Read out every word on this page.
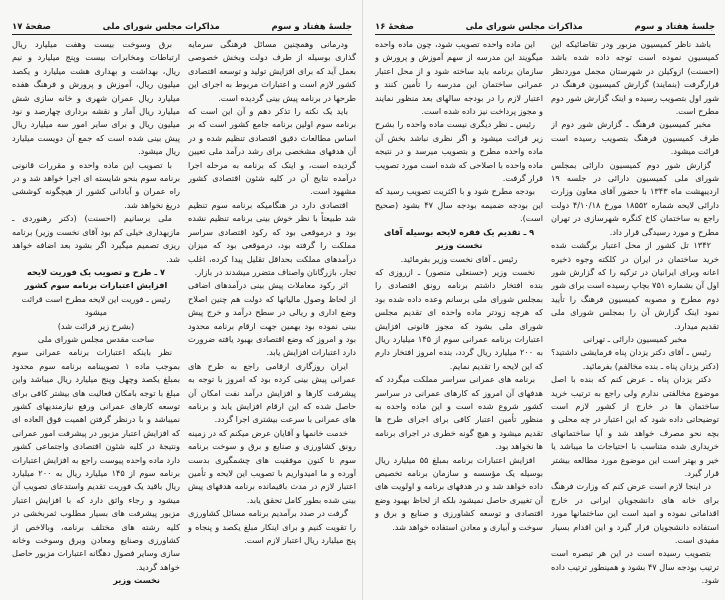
جلسهٔ هفتاد و سوم
مذاکرات مجلس شورای ملی
صفحهٔ ۱۷

ودرمانی وهمچنین مسائل فرهنگی سرمایه گذاری بوسیله از طرف دولت وبخش خصوصی بعمل آید که برای افزایش تولید و توسعه اقتصادی کشور لازم است و اعتبارات مربوط به اجرای این طرحها در برنامه پیش بینی گردیده است.

باید یک نکته را تذکر دهم و آن این است که برنامه سوم اولین برنامه جامع کشور است که بر اساس مطالعات دقیق اقتصادی تنظیم شده و در آن هدفهای مشخصی برای رشد درآمد ملی تعیین گردیده است، و اینک که برنامه به مرحله اجرا درآمده نتایج آن در کلیه شئون اقتصادی کشور مشهود است.

اقتصادی دارد در هنگامیکه برنامه سوم تنظیم شد طبیعتاً با نظر خوش بینی برنامه تنظیم نشده بود و درموقعی بود که رکود اقتصادی سراسر مملکت را گرفته بود، درموقعی بود که میزان درآمدهای مملکت بحداقل تقلیل پیدا کرده، اغلب تجار، بازرگانان واصناف متضرر میشدند در بازار.

اثر رکود معاملات پیش بینی درآمدهای اضافی از لحاظ وصول مالیاتها که دولت هم چنین اصلاح وضع اداری و ریالی در سطح درآمد و خرج پیش بینی نموده بود بهمین جهت ارقام برنامه محدود بود و امروز که وضع اقتصادی بهبود یافته ضرورت دارد اعتبارات افزایش یابد.

ایران روزگاری ارقامی راجع به طرح های عمرانی پیش بینی کرده بود که امروز با توجه به پیشرفت کارها و افزایش درآمد نفت امکان آن حاصل شده که این ارقام افزایش یابد و برنامه های عمرانی با سرعت بیشتری اجرا گردد.

خدمت خانمها و آقایان عرض میکنم که در زمینه رونق کشاورزی و صنایع و برق و سوخت برنامه سوم تا کنون موفقیت های چشمگیری بدست آورده و ما امیدواریم با تصویب این لایحه و تأمین اعتبار لازم در مدت باقیمانده برنامه هدفهای پیش بینی شده بطور کامل تحقق یابد.

گرفت در صدد برآمدیم برنامه مسائل کشاورزی را تقویت کنیم و برای اینکار مبلغ یکصد و پنجاه و پنج میلیارد ریال اعتبار لازم است.

برق وسوخت بیست وهفت میلیارد ریال ارتباطات ومخابرات بیست وپنج میلیارد و نیم ریال، بهداشت و بهداری هشت میلیارد و یکصد میلیون ریال، آموزش و پرورش و فرهنگ هفده میلیارد ریال عمران شهری و خانه سازی شش میلیارد ریال آمار و نقشه برداری چهارصد و نود میلیون ریال و برای سایر امور سه میلیارد ریال پیش بینی شده است که جمع آن دویست میلیارد ریال میشود.

با تصویب این ماده واحده و مقررات قانونی برنامه سوم بنحو شایسته ای اجرا خواهد شد و در راه عمران و آبادانی کشور از هیچگونه کوششی دریغ نخواهد شد.

ملی برسانیم (احسنت) (دکتر رهنوردی ـ مازبهداری خیلی کم بود آقای نخست وزیر) برنامه ریزی تصمیم میگیرد اگر بشود بعد اضافه خواهد شد.

۷ ـ طرح و تصویب یک فوریت لایحه افزایش اعتبارات برنامه سوم کشور

رئیس ـ فوریت این لایحه مطرح است قرائت میشود

(بشرح زیر قرائت شد)

ساحت مقدس مجلس شورای ملی

نظر باینکه اعتبارات برنامه عمرانی سوم بموجب ماده ۱ تصویبنامه برنامه سوم محدود بمبلغ یکصد وچهل وپنج میلیارد ریال میباشد واین مبلغ با توجه بامکان فعالیت های بیشتر کافی برای توسعه کارهای عمرانی ورفع نیازمندیهای کشور نمیباشد و با درنظر گرفتن اهمیت فوق العاده ای که افزایش اعتبار مزبور در پیشرفت امور عمرانی ونتیجهٔ در کلیه شئون اقتصادی واجتماعی کشور دارد ماده واحده پیوست راجع به افزایش اعتبارات برنامه سوم از ۱۴۵ میلیارد ریال به ۲۰۰ میلیارد ریال باقید یک فوریت تقدیم واستدعای تصویب آن میشود و رجاء واثق دارد که با افزایش اعتبار مزبور پیشرفت های بسیار مطلوب ثمربخشی در کلیه رشته های مختلف برنامه، وبالاخص از کشاورزی وصنایع ومعادن وبرق وسوخت وخانه سازی وسایر فصول دهگانه اعتبارات مزبور حاصل خواهد گردید.

نخست وزیر

جلسهٔ هفتاد و سوم
مذاکرات مجلس شورای ملی
صفحهٔ ۱۶

باشد ناظر کمیسیون مزبور ودر تقاضائیکه این کمیسیون نموده است توجه داده شده باشد (احسنت) ازوکیلن در شهرستان مجمل موردنظر قرارگرفت (بنمایند) گزارش کمیسیون فرهنگ در شور اول بتصویب رسیده و اینک گزارش شور دوم مطرح است.

مخبر کمیسیون فرهنگ ـ گزارش شور دوم از طرف کمیسیون فرهنگ بتصویب رسیده است قرائت میشود.

گزارش شور دوم کمیسیون دارائی بمجلس شورای ملی کمیسیون دارائی در جلسه ۱۹ اردیبهشت ماه ۱۳۴۳ با حضور آقای معاون وزارت دارائی لایحه شماره ۱۸۵۵۲ مورخ ۴/۱۰/۱۸ دولت راجع به ساختمان کاخ کنگره شهرسازی در تهران مطرح و مورد رسیدگی قرار داد.

۱۳۴۲ تل کشور از محل اعتبار برگشت شده خرید ساختمان در ایران در کلکته وجوه ذخیره اعانه وبرای ایرانیان در ترکیه را که گزارش شور اول آن بشماره ۷۵۱ بچاپ رسیده است برای شور دوم مطرح و مصوبه کمیسیون فرهنگ را تأیید نمود اینک گزارش آن را بمجلس شورای ملی تقدیم میدارد.

مخبر کمیسیون دارائی ـ تهرانی

رئیس ـ آقای دکتر یزدان پناه فرمایشی داشتید؟ (دکتر یزدان پناه ـ بنده مخالفم) بفرمائید.

دکتر یزدان پناه ـ عرض کنم که بنده با اصل موضوع مخالفتی ندارم ولی راجع به ترتیب خرید ساختمان ها در خارج از کشور لازم است توضیحاتی داده شود که این اعتبار در چه محلی و بچه نحو مصرف خواهد شد و آیا ساختمانهای خریداری شده متناسب با احتیاجات ما میباشد یا خیر و بهتر است این موضوع مورد مطالعه بیشتر قرار گیرد.

در اینجا لازم است عرض کنم که وزارت فرهنگ برای خانه های دانشجویان ایرانی در خارج اقداماتی نموده و امید است این ساختمانها مورد استفاده دانشجویان قرار گیرد و این اقدام بسیار مفیدی است.

بتصویب رسیده است در این هر تبصره است ترتیب بودجه سال ۴۷ بشود و همینطور ترتیب داده شود.

این ماده واحده تصویب شود، چون ماده واحده میگویند این مدرسه از سهم آموزش و پرورش و سازمان برنامه باید ساخته شود و از محل اعتبار عمرانی ساختمان این مدرسه را تأمین کنند و اعتبار لازم را در بودجه سالهای بعد منظور نمایند و مجوز پرداخت نیز داده شده است.

رئیس ـ نظر دیگری نیست ماده واحده را بشرح زیر قرائت میشود و اگر نظری نباشد بخش آن ماده واحده مطرح و بتصویب میرسد و در نتیجه ماده واحده با اصلاحی که شده است مورد تصویب قرار گرفت.

بودجه مطرح شود و با اکثریت تصویب رسید که این بودجه ضمیمه بودجه سال ۴۷ بشود (صحیح است).

۹ ـ تقدیم یک فقره لایحه بوسیله آقای نخست وزیر

رئیس ـ آقای نخست وزیر بفرمائید.

نخست وزیر (حسنعلی منصور) ـ ازروزی که بنده افتخار داشتم برنامه رونق اقتصادی را بمجلس شورای ملی برسانم وعده داده شده بود که هرچه زودتر ماده واحده ای تقدیم مجلس شورای ملی بشود که مجوز قانونی افزایش اعتبارات برنامه عمرانی سوم از ۱۴۵ میلیارد ریال به ۲۰۰ میلیارد ریال گردد، بنده امروز افتخار دارم که این لایحه را تقدیم نمایم.

برنامه های عمرانی سراسر مملکت میگردد که هدفهای آن امروز که کارهای عمرانی در سراسر کشور شروع شده است و این ماده واحده به منظور تأمین اعتبار کافی برای اجرای طرح ها تقدیم میشود و هیچ گونه خطری در اجرای برنامه ها نخواهد بود.

افزایش اعتبارات برنامه بمبلغ ۵۵ میلیارد ریال بوسیله یک مؤسسه و سازمان برنامه تخصیص داده خواهد شد و در هدفهای برنامه و اولویت های آن تغییری حاصل نمیشود بلکه از لحاظ بهبود وضع اقتصادی و توسعه کشاورزی و صنایع و برق و سوخت و آبیاری و معادن استفاده خواهد شد.
